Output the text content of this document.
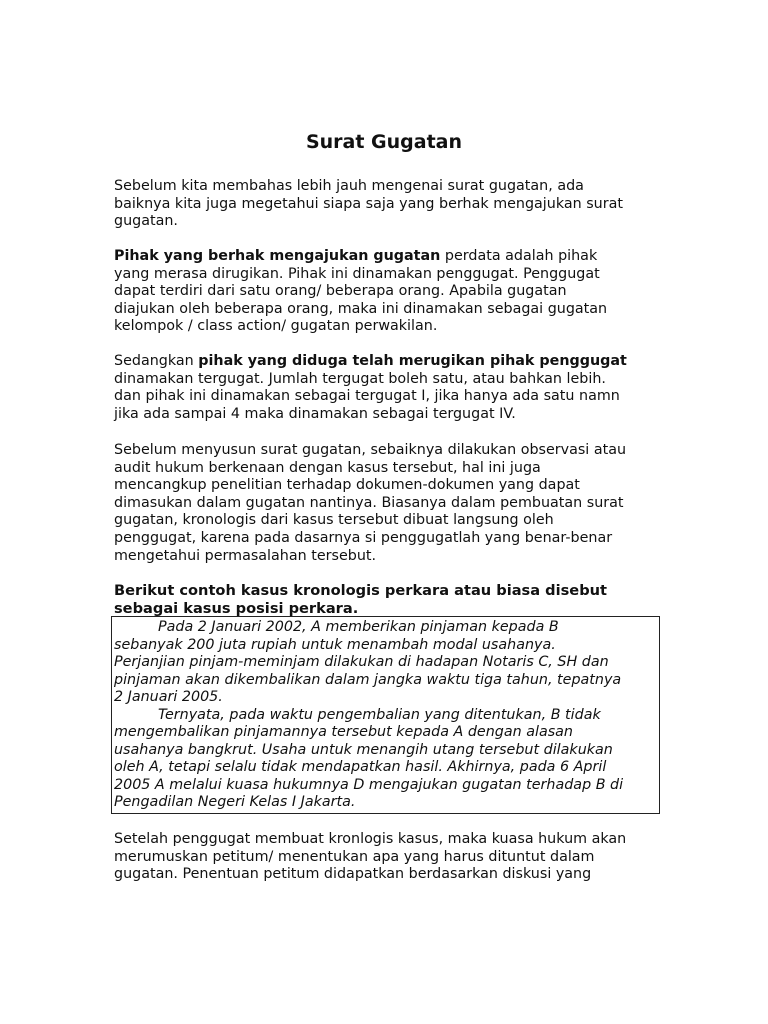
Surat Gugatan

Sebelum kita membahas lebih jauh mengenai surat gugatan, ada
baiknya kita juga megetahui siapa saja yang berhak mengajukan surat
gugatan.

Pihak yang berhak mengajukan gugatan perdata adalah pihak
yang merasa dirugikan. Pihak ini dinamakan penggugat. Penggugat
dapat terdiri dari satu orang/ beberapa orang. Apabila gugatan
diajukan oleh beberapa orang, maka ini dinamakan sebagai gugatan
kelompok / class action/ gugatan perwakilan.

Sedangkan pihak yang diduga telah merugikan pihak penggugat
dinamakan tergugat. Jumlah tergugat boleh satu, atau bahkan lebih.
dan pihak ini dinamakan sebagai tergugat I, jika hanya ada satu namn
jika ada sampai 4 maka dinamakan sebagai tergugat IV.

Sebelum menyusun surat gugatan, sebaiknya dilakukan observasi atau
audit hukum berkenaan dengan kasus tersebut, hal ini juga
mencangkup penelitian terhadap dokumen-dokumen yang dapat
dimasukan dalam gugatan nantinya. Biasanya dalam pembuatan surat
gugatan, kronologis dari kasus tersebut dibuat langsung oleh
penggugat, karena pada dasarnya si penggugatlah yang benar-benar
mengetahui permasalahan tersebut.

Berikut contoh kasus kronologis perkara atau biasa disebut
sebagai kasus posisi perkara.

Pada 2 Januari 2002, A memberikan pinjaman kepada B
sebanyak 200 juta rupiah untuk menambah modal usahanya.
Perjanjian pinjam-meminjam dilakukan di hadapan Notaris C, SH dan
pinjaman akan dikembalikan dalam jangka waktu tiga tahun, tepatnya
2 Januari 2005.
Ternyata, pada waktu pengembalian yang ditentukan, B tidak
mengembalikan pinjamannya tersebut kepada A dengan alasan
usahanya bangkrut. Usaha untuk menangih utang tersebut dilakukan
oleh A, tetapi selalu tidak mendapatkan hasil. Akhirnya, pada 6 April
2005 A melalui kuasa hukumnya D mengajukan gugatan terhadap B di
Pengadilan Negeri Kelas I Jakarta.

Setelah penggugat membuat kronlogis kasus, maka kuasa hukum akan
merumuskan petitum/ menentukan apa yang harus dituntut dalam
gugatan. Penentuan petitum didapatkan berdasarkan diskusi yang
